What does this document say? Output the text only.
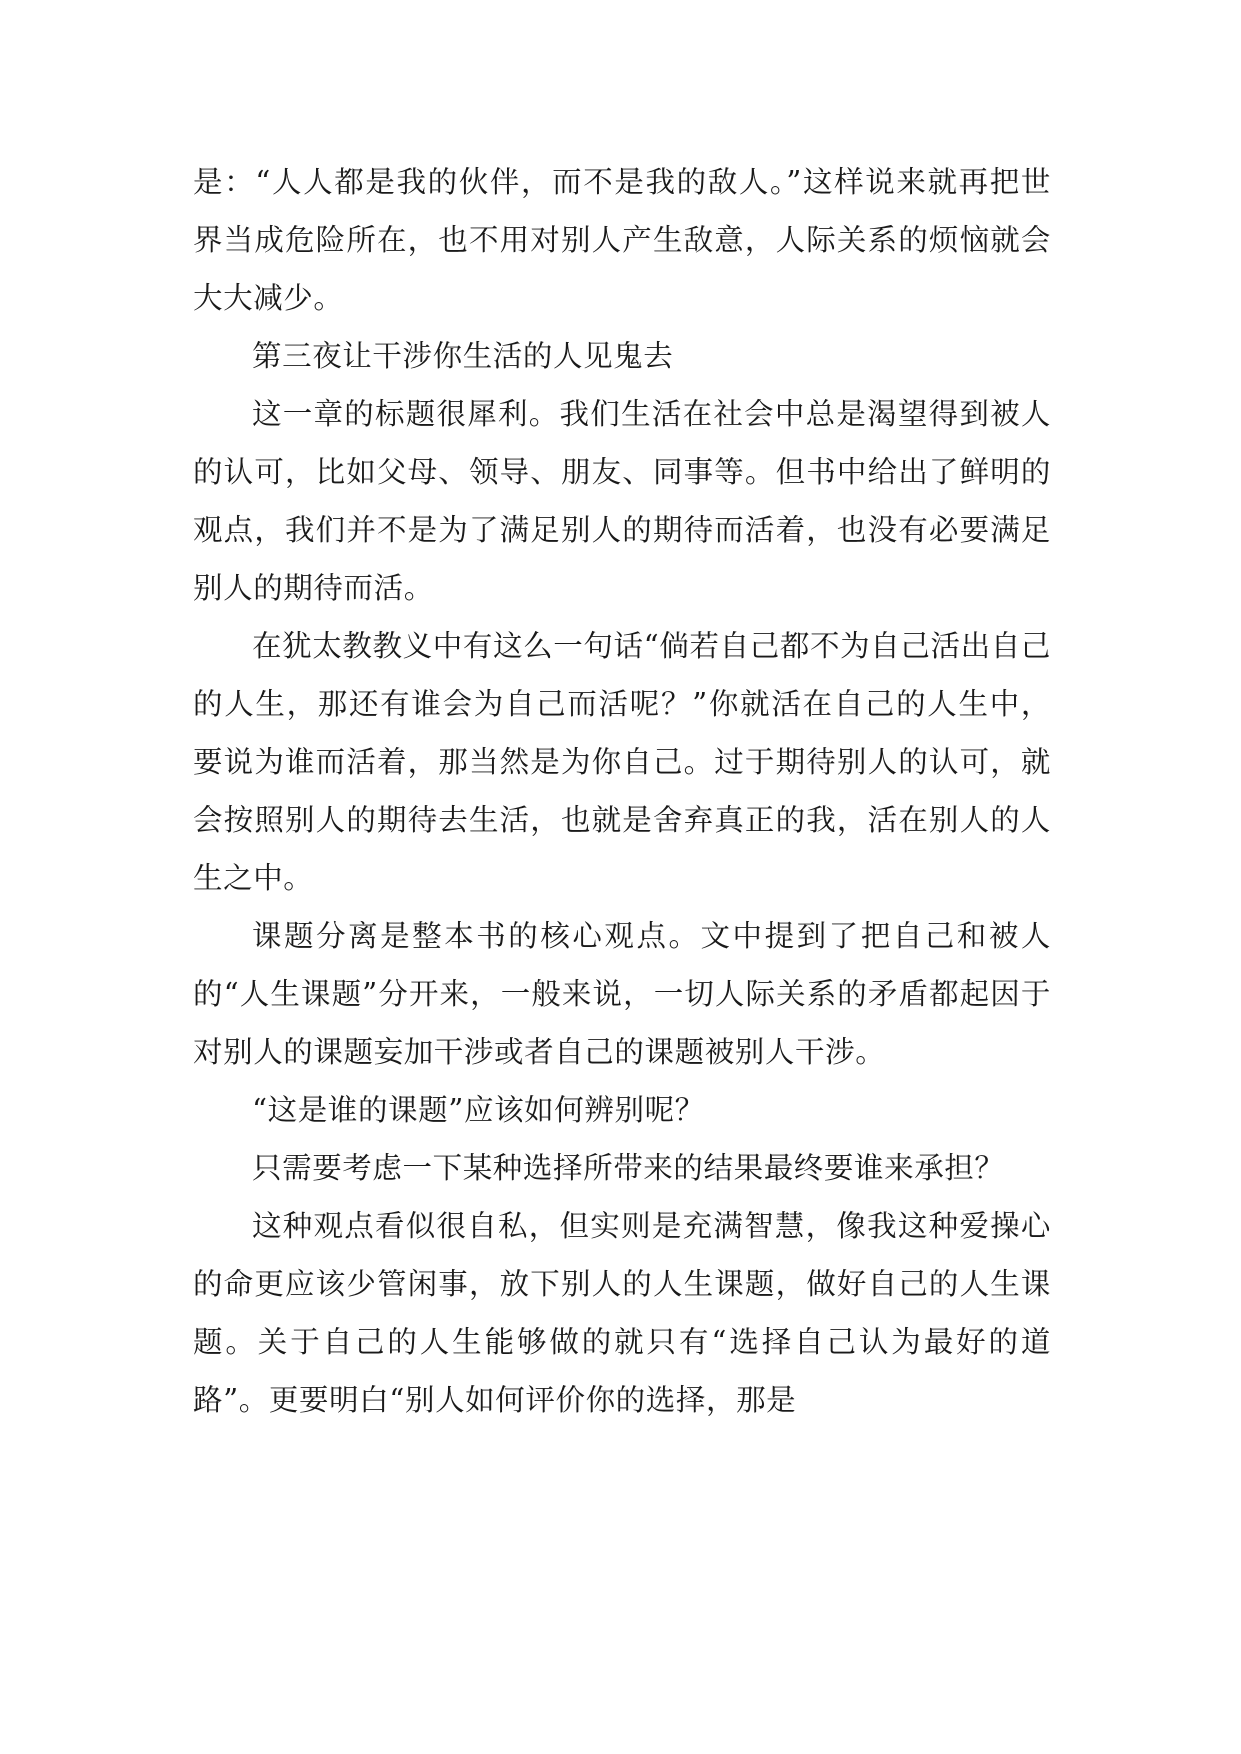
是：“人人都是我的伙伴，而不是我的敌人。”这样说来就再把世界当成危险所在，也不用对别人产生敌意，人际关系的烦恼就会大大减少。

第三夜让干涉你生活的人见鬼去

这一章的标题很犀利。我们生活在社会中总是渴望得到被人的认可，比如父母、领导、朋友、同事等。但书中给出了鲜明的观点，我们并不是为了满足别人的期待而活着，也没有必要满足别人的期待而活。

在犹太教教义中有这么一句话“倘若自己都不为自己活出自己的人生，那还有谁会为自己而活呢？”你就活在自己的人生中，要说为谁而活着，那当然是为你自己。过于期待别人的认可，就会按照别人的期待去生活，也就是舍弃真正的我，活在别人的人生之中。

课题分离是整本书的核心观点。文中提到了把自己和被人的“人生课题”分开来，一般来说，一切人际关系的矛盾都起因于对别人的课题妄加干涉或者自己的课题被别人干涉。

“这是谁的课题”应该如何辨别呢？

只需要考虑一下某种选择所带来的结果最终要谁来承担？

这种观点看似很自私，但实则是充满智慧，像我这种爱操心的命更应该少管闲事，放下别人的人生课题，做好自己的人生课题。关于自己的人生能够做的就只有“选择自己认为最好的道路”。更要明白“别人如何评价你的选择，那是
